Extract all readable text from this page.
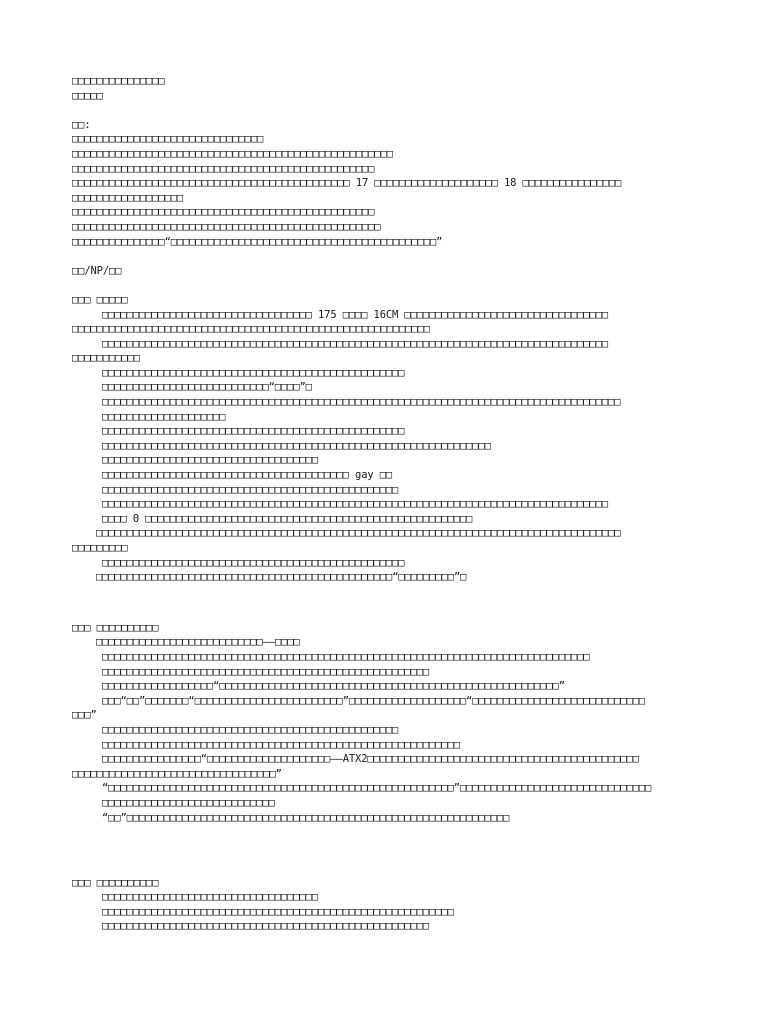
□□□□□□□□□□□□□□□
□□□□□
□□:
□□□□□□□□□□□□□□□□□□□□□□□□□□□□□□□
□□□□□□□□□□□□□□□□□□□□□□□□□□□□□□□□□□□□□□□□□□□□□□□□□□□□
□□□□□□□□□□□□□□□□□□□□□□□□□□□□□□□□□□□□□□□□□□□□□□□□□
□□□□□□□□□□□□□□□□□□□□□□□□□□□□□□□□□□□□□□□□□□□□□ 17 □□□□□□□□□□□□□□□□□□□□ 18 □□□□□□□□□□□□□□□□
□□□□□□□□□□□□□□□□□□
□□□□□□□□□□□□□□□□□□□□□□□□□□□□□□□□□□□□□□□□□□□□□□□□□
□□□□□□□□□□□□□□□□□□□□□□□□□□□□□□□□□□□□□□□□□□□□□□□□□□
□□□□□□□□□□□□□□□“□□□□□□□□□□□□□□□□□□□□□□□□□□□□□□□□□□□□□□□□□□□”
□□/NP/□□
□□□ □□□□□
□□□□□□□□□□□□□□□□□□□□□□□□□□□□□□□□□□ 175 □□□□ 16CM □□□□□□□□□□□□□□□□□□□□□□□□□□□□□□□□□
□□□□□□□□□□□□□□□□□□□□□□□□□□□□□□□□□□□□□□□□□□□□□□□□□□□□□□□□□□
□□□□□□□□□□□□□□□□□□□□□□□□□□□□□□□□□□□□□□□□□□□□□□□□□□□□□□□□□□□□□□□□□□□□□□□□□□□□□□□□□□
□□□□□□□□□□□
□□□□□□□□□□□□□□□□□□□□□□□□□□□□□□□□□□□□□□□□□□□□□□□□□
□□□□□□□□□□□□□□□□□□□□□□□□□□□“□□□□”□
□□□□□□□□□□□□□□□□□□□□□□□□□□□□□□□□□□□□□□□□□□□□□□□□□□□□□□□□□□□□□□□□□□□□□□□□□□□□□□□□□□□□
□□□□□□□□□□□□□□□□□□□□
□□□□□□□□□□□□□□□□□□□□□□□□□□□□□□□□□□□□□□□□□□□□□□□□□
□□□□□□□□□□□□□□□□□□□□□□□□□□□□□□□□□□□□□□□□□□□□□□□□□□□□□□□□□□□□□□□
□□□□□□□□□□□□□□□□□□□□□□□□□□□□□□□□□□□
□□□□□□□□□□□□□□□□□□□□□□□□□□□□□□□□□□□□□□□□ gay □□
□□□□□□□□□□□□□□□□□□□□□□□□□□□□□□□□□□□□□□□□□□□□□□□□
□□□□□□□□□□□□□□□□□□□□□□□□□□□□□□□□□□□□□□□□□□□□□□□□□□□□□□□□□□□□□□□□□□□□□□□□□□□□□□□□□□
□□□□ 0 □□□□□□□□□□□□□□□□□□□□□□□□□□□□□□□□□□□□□□□□□□□□□□□□□□□□□
□□□□□□□□□□□□□□□□□□□□□□□□□□□□□□□□□□□□□□□□□□□□□□□□□□□□□□□□□□□□□□□□□□□□□□□□□□□□□□□□□□□□□
□□□□□□□□□
□□□□□□□□□□□□□□□□□□□□□□□□□□□□□□□□□□□□□□□□□□□□□□□□□
□□□□□□□□□□□□□□□□□□□□□□□□□□□□□□□□□□□□□□□□□□□□□□□□“□□□□□□□□□”□
□□□ □□□□□□□□□□
□□□□□□□□□□□□□□□□□□□□□□□□□□□——□□□□
□□□□□□□□□□□□□□□□□□□□□□□□□□□□□□□□□□□□□□□□□□□□□□□□□□□□□□□□□□□□□□□□□□□□□□□□□□□□□□□
□□□□□□□□□□□□□□□□□□□□□□□□□□□□□□□□□□□□□□□□□□□□□□□□□□□□□
□□□□□□□□□□□□□□□□□□“□□□□□□□□□□□□□□□□□□□□□□□□□□□□□□□□□□□□□□□□□□□□□□□□□□□□□□□”
□□□“□□”□□□□□□□“□□□□□□□□□□□□□□□□□□□□□□□□”□□□□□□□□□□□□□□□□□□□“□□□□□□□□□□□□□□□□□□□□□□□□□□□□
□□□”
□□□□□□□□□□□□□□□□□□□□□□□□□□□□□□□□□□□□□□□□□□□□□□□□
□□□□□□□□□□□□□□□□□□□□□□□□□□□□□□□□□□□□□□□□□□□□□□□□□□□□□□□□□□
□□□□□□□□□□□□□□□□“□□□□□□□□□□□□□□□□□□□□——ATX2□□□□□□□□□□□□□□□□□□□□□□□□□□□□□□□□□□□□□□□□□□□□
□□□□□□□□□□□□□□□□□□□□□□□□□□□□□□□□□”
“□□□□□□□□□□□□□□□□□□□□□□□□□□□□□□□□□□□□□□□□□□□□□□□□□□□□□□□□”□□□□□□□□□□□□□□□□□□□□□□□□□□□□□□□
□□□□□□□□□□□□□□□□□□□□□□□□□□□□
“□□”□□□□□□□□□□□□□□□□□□□□□□□□□□□□□□□□□□□□□□□□□□□□□□□□□□□□□□□□□□□□□□
□□□ □□□□□□□□□□
□□□□□□□□□□□□□□□□□□□□□□□□□□□□□□□□□□□
□□□□□□□□□□□□□□□□□□□□□□□□□□□□□□□□□□□□□□□□□□□□□□□□□□□□□□□□□
□□□□□□□□□□□□□□□□□□□□□□□□□□□□□□□□□□□□□□□□□□□□□□□□□□□□□
